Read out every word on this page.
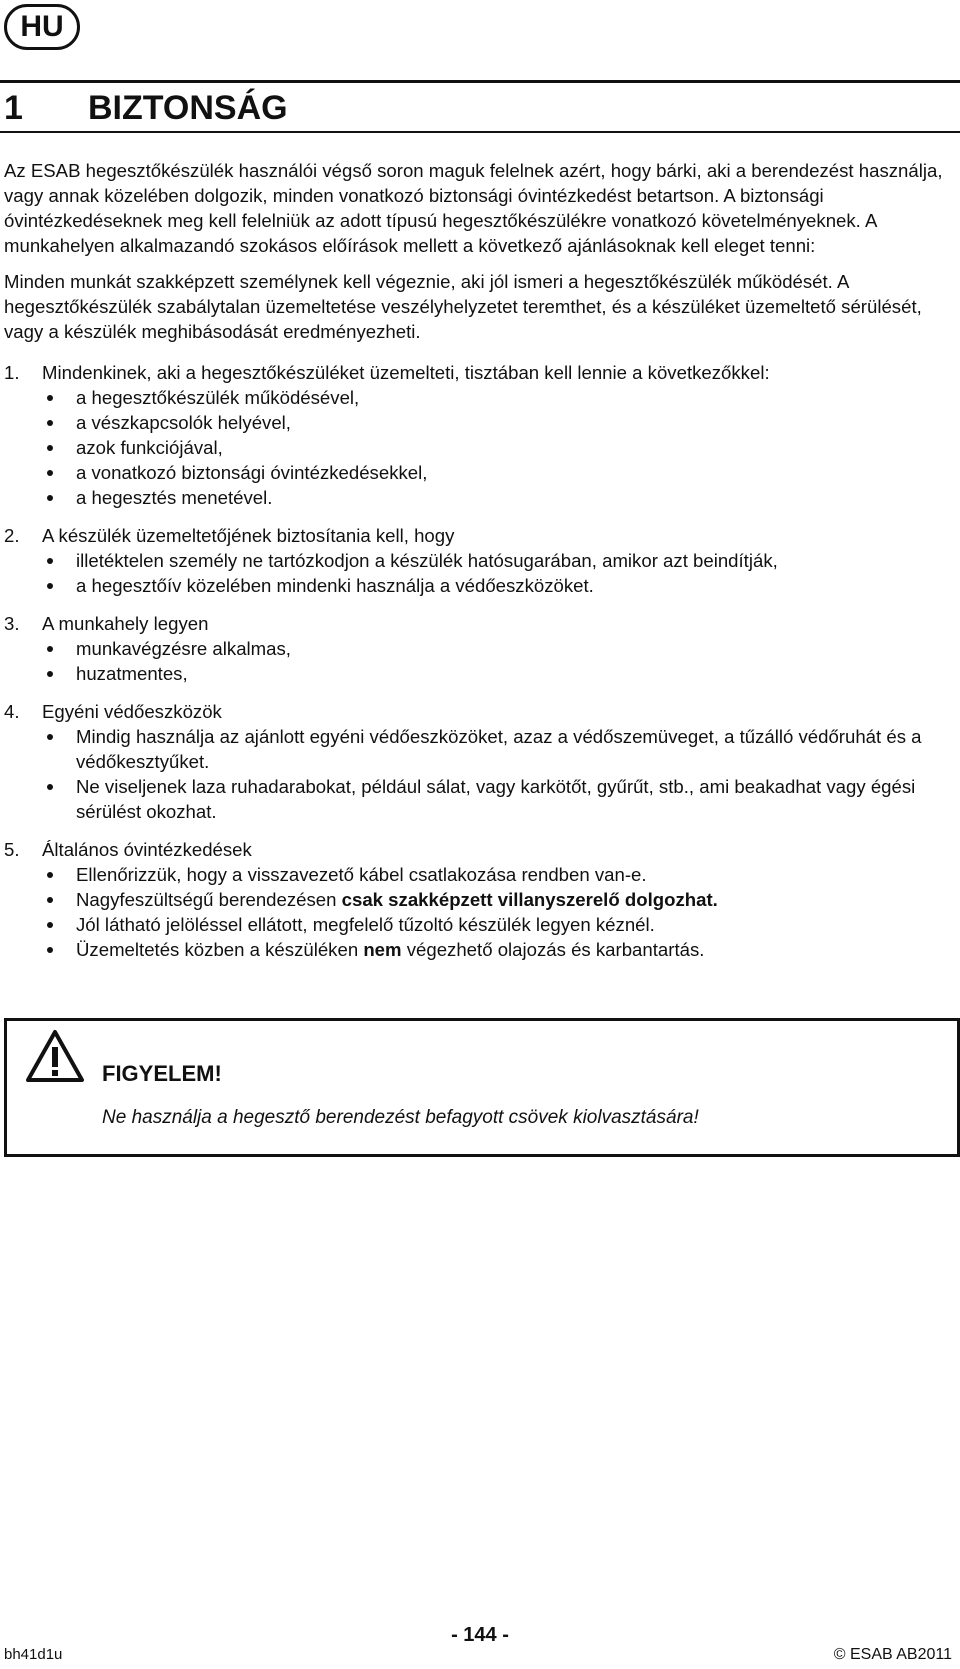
HU
1 BIZTONSÁG

Az ESAB hegesztőkészülék használói végső soron maguk felelnek azért, hogy bárki, aki a berendezést használja, vagy annak közelében dolgozik, minden vonatkozó biztonsági óvintézkedést betartson. A biztonsági óvintézkedéseknek meg kell felelniük az adott típusú hegesztőkészülékre vonatkozó követelményeknek. A munkahelyen alkalmazandó szokásos előírások mellett a következő ajánlásoknak kell eleget tenni:

Minden munkát szakképzett személynek kell végeznie, aki jól ismeri a hegesztőkészülék működését. A hegesztőkészülék szabálytalan üzemeltetése veszélyhelyzetet teremthet, és a készüléket üzemeltető sérülését, vagy a készülék meghibásodását eredményezheti.

1.	Mindenkinek, aki a hegesztőkészüléket üzemelteti, tisztában kell lennie a következőkkel:
a hegesztőkészülék működésével,
a vészkapcsolók helyével,
azok funkciójával,
a vonatkozó biztonsági óvintézkedésekkel,
a hegesztés menetével.
2.	A készülék üzemeltetőjének biztosítania kell, hogy
illetéktelen személy ne tartózkodjon a készülék hatósugarában, amikor azt beindítják,
a hegesztőív közelében mindenki használja a védőeszközöket.
3.	A munkahely legyen
munkavégzésre alkalmas,
huzatmentes,
4.	Egyéni védőeszközök
Mindig használja az ajánlott egyéni védőeszközöket, azaz a védőszemüveget, a tűzálló védőruhát és a védőkesztyűket.
Ne viseljenek laza ruhadarabokat, például sálat, vagy karkötőt, gyűrűt, stb., ami beakadhat vagy égési sérülést okozhat.
5.	Általános óvintézkedések
Ellenőrizzük, hogy a visszavezető kábel csatlakozása rendben van-e.
Nagyfeszültségű berendezésen csak szakképzett villanyszerelő dolgozhat.
Jól látható jelöléssel ellátott, megfelelő tűzoltó készülék legyen kéznél.
Üzemeltetés közben a készüléken nem végezhető olajozás és karbantartás.
FIGYELEM!
Ne használja a hegesztő berendezést befagyott csövek kiolvasztására!
- 144 -
bh41d1u	© ESAB AB2011
